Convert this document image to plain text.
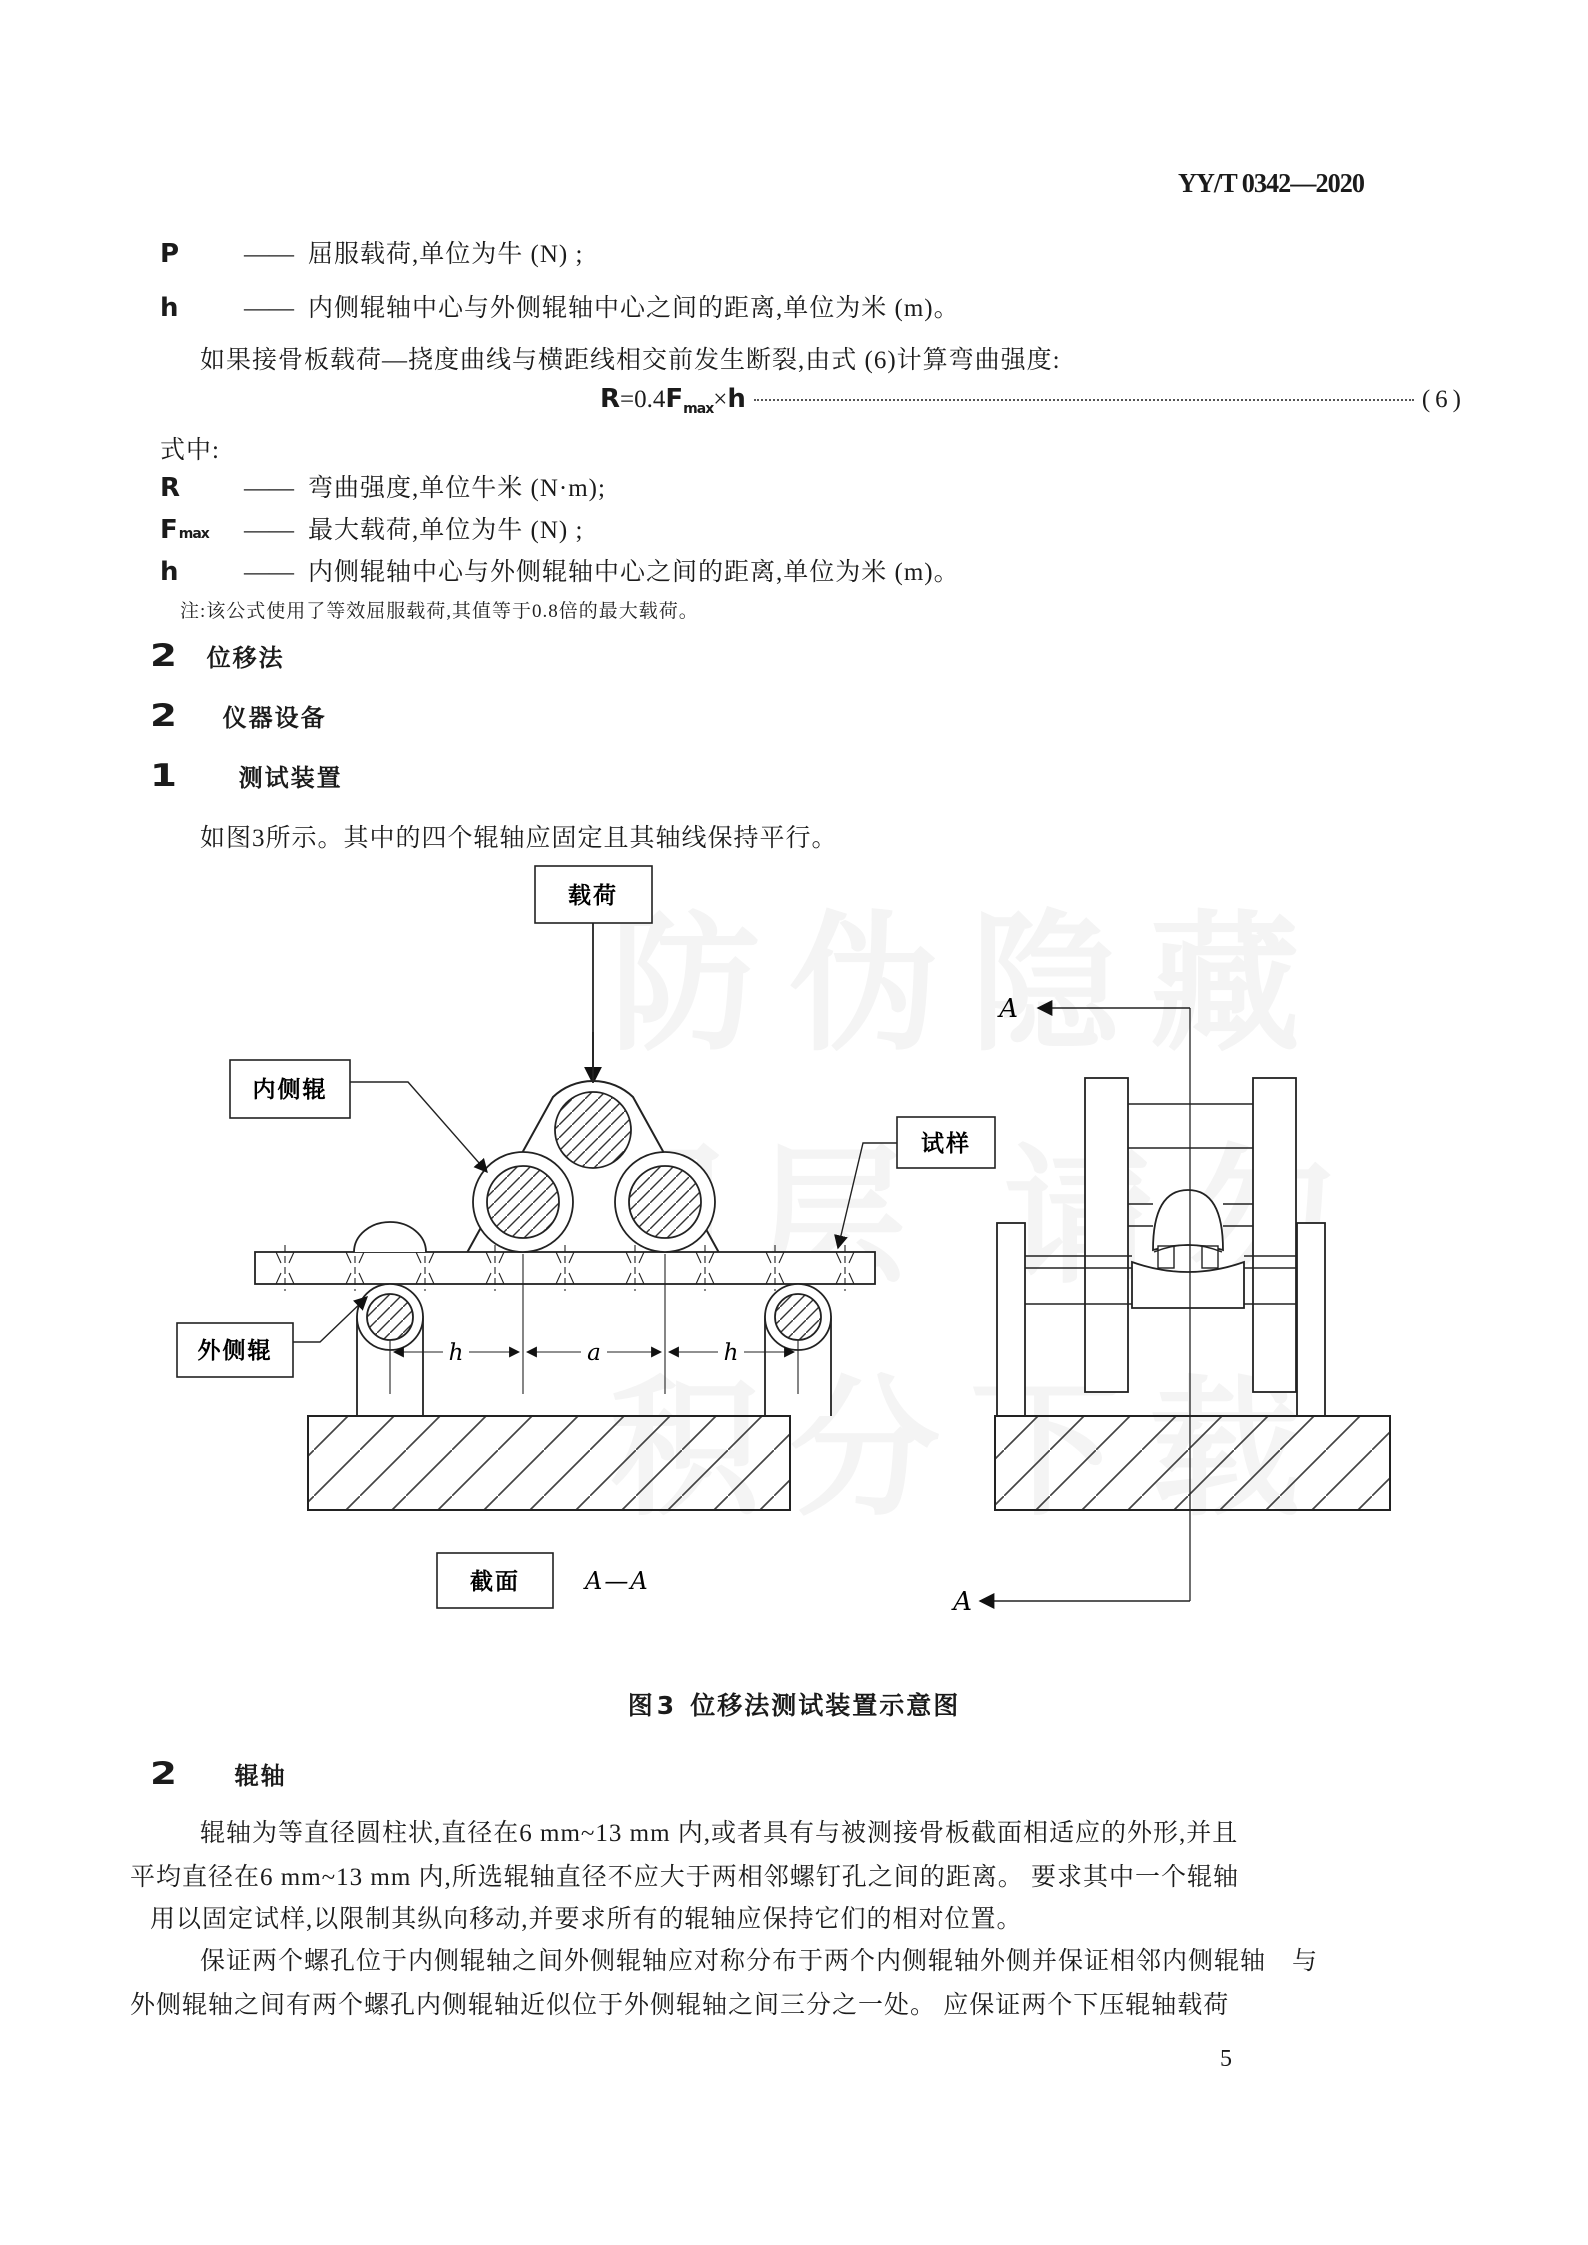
YY/T 0342—2020
P	—— 屈服载荷,单位为牛 (N) ;
h	—— 内侧辊轴中心与外侧辊轴中心之间的距离,单位为米 (m)。
如果接骨板载荷—挠度曲线与横距线相交前发生断裂,由式 (6)计算弯曲强度:
R = 0.4 F max × h	(6)
式中:
R	—— 弯曲强度,单位牛米 (N·m);
Fmax	—— 最大载荷,单位为牛 (N) ;
h	—— 内侧辊轴中心与外侧辊轴中心之间的距离,单位为米 (m)。
注:该公式使用了等效屈服载荷,其值等于0.8倍的最大载荷。
2 位移法
2 仪器设备
1	测试装置
如图3所示。其中的四个辊轴应固定且其轴线保持平行。
载荷
内侧辊
试样
外侧辊
截面	A—A
h	a	h
A
A
图3 位移法测试装置示意图
2	辊轴
辊轴为等直径圆柱状,直径在6 mm~13 mm 内,或者具有与被测接骨板截面相适应的外形,并且
平均直径在6 mm~13 mm 内,所选辊轴直径不应大于两相邻螺钉孔之间的距离。 要求其中一个辊轴
用以固定试样,以限制其纵向移动,并要求所有的辊轴应保持它们的相对位置。
保证两个螺孔位于内侧辊轴之间外侧辊轴应对称分布于两个内侧辊轴外侧并保证相邻内侧辊轴　与
外侧辊轴之间有两个螺孔内侧辊轴近似位于外侧辊轴之间三分之一处。 应保证两个下压辊轴载荷
5
